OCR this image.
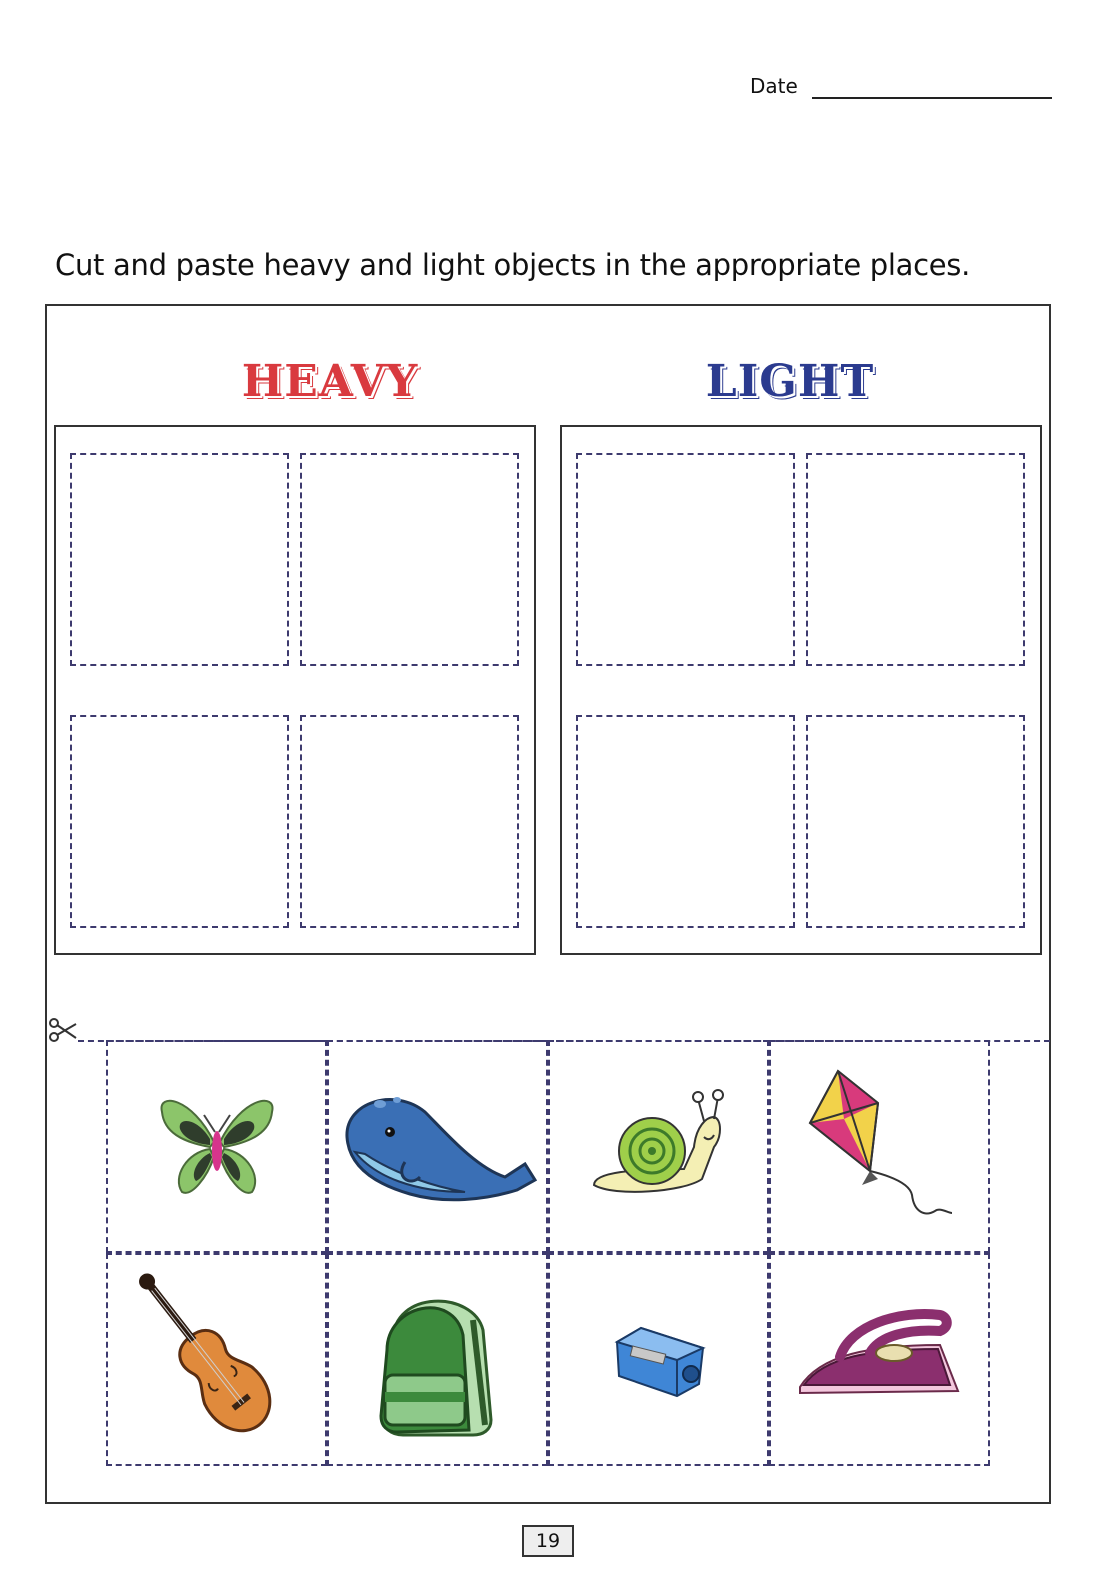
Date
Cut and paste heavy and light objects in the appropriate places.
HEAVY	LIGHT
19
